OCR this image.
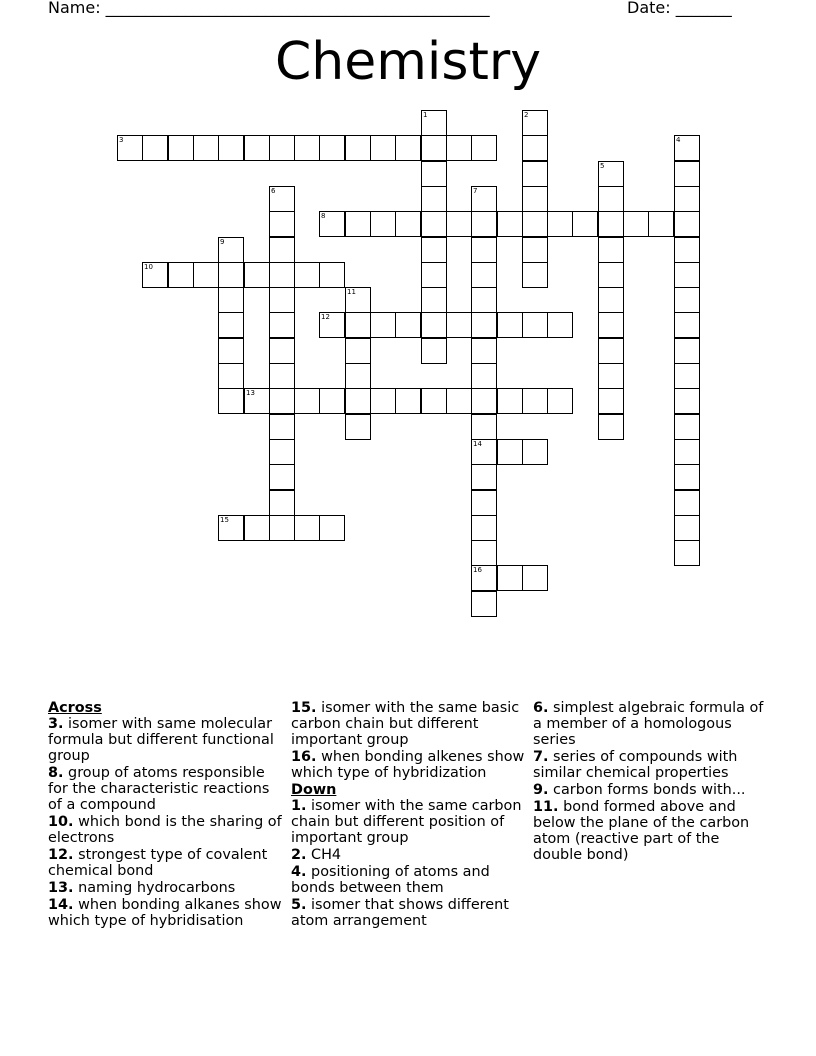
Name: ________________________________________________	Date: _______
Chemistry
1	2
3	4
5
6	7
14
16
8
9
10
11
12
13
15
Across
3. isomer with same molecular formula but different functional group
8. group of atoms responsible for the characteristic reactions of a compound
10. which bond is the sharing of electrons
12. strongest type of covalent chemical bond
13. naming hydrocarbons
14. when bonding alkanes show which type of hybridisation
15. isomer with the same basic carbon chain but different important group
16. when bonding alkenes show which type of hybridization
Down
1. isomer with the same carbon chain but different position of important group
2. CH4
4. positioning of atoms and bonds between them
5. isomer that shows different atom arrangement
6. simplest algebraic formula of a member of a homologous series
7. series of compounds with similar chemical properties
9. carbon forms bonds with...
11. bond formed above and below the plane of the carbon atom (reactive part of the double bond)
